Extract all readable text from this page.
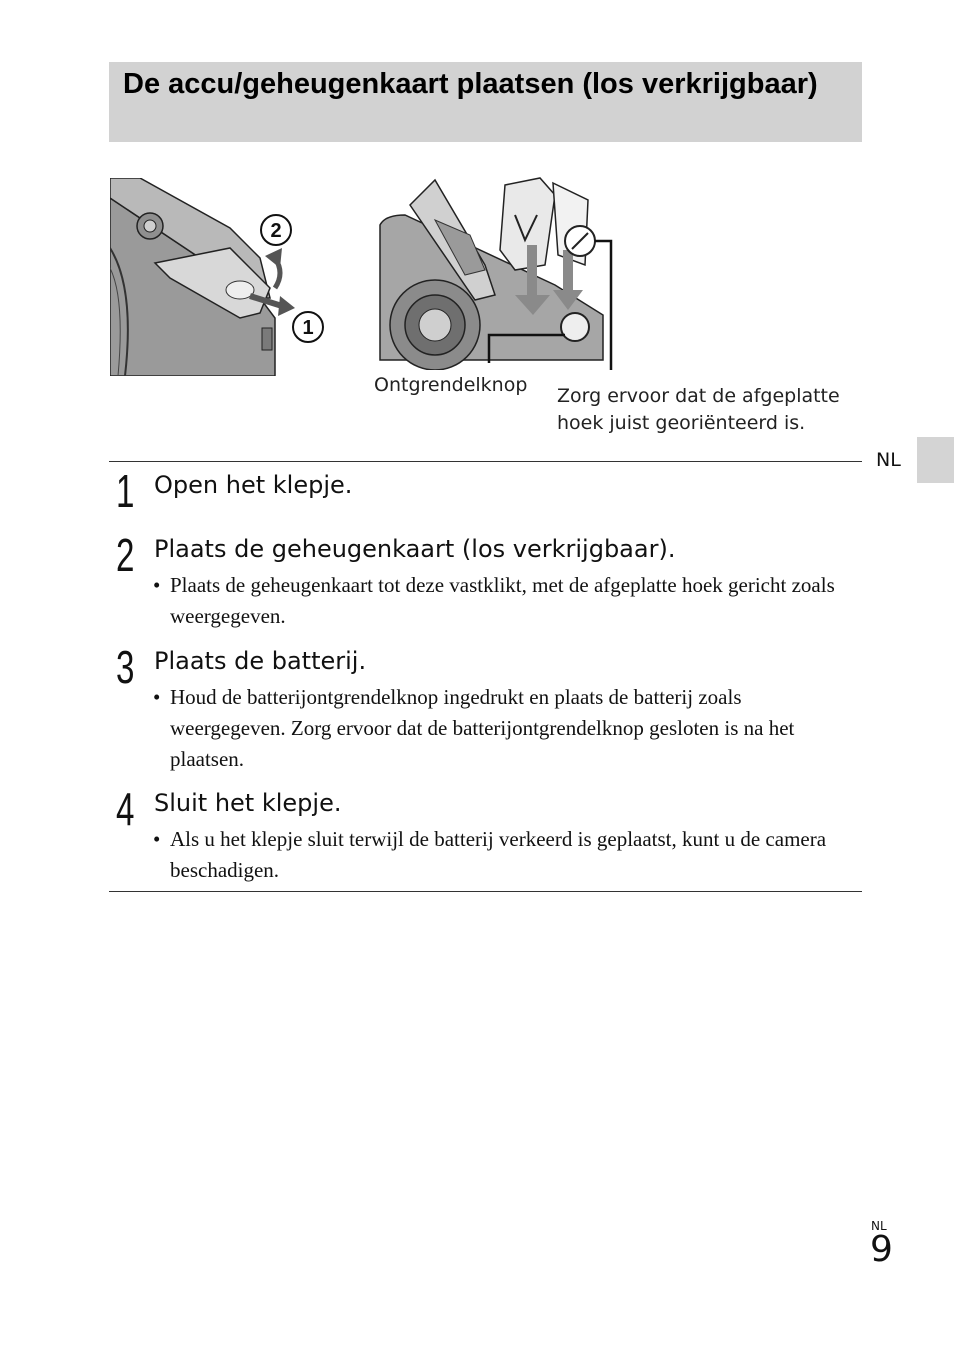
De accu/geheugenkaart plaatsen (los verkrijgbaar)
2
1
Ontgrendelknop Zorg ervoor dat de afgeplatte hoek juist georiënteerd is.
NL
1 Open het klepje.
2 Plaats de geheugenkaart (los verkrijgbaar).
• Plaats de geheugenkaart tot deze vastklikt, met de afgeplatte hoek gericht zoals weergegeven.
3 Plaats de batterij.
• Houd de batterijontgrendelknop ingedrukt en plaats de batterij zoals weergegeven. Zorg ervoor dat de batterijontgrendelknop gesloten is na het plaatsen.
4 Sluit het klepje.
• Als u het klepje sluit terwijl de batterij verkeerd is geplaatst, kunt u de camera beschadigen.
NL
9
